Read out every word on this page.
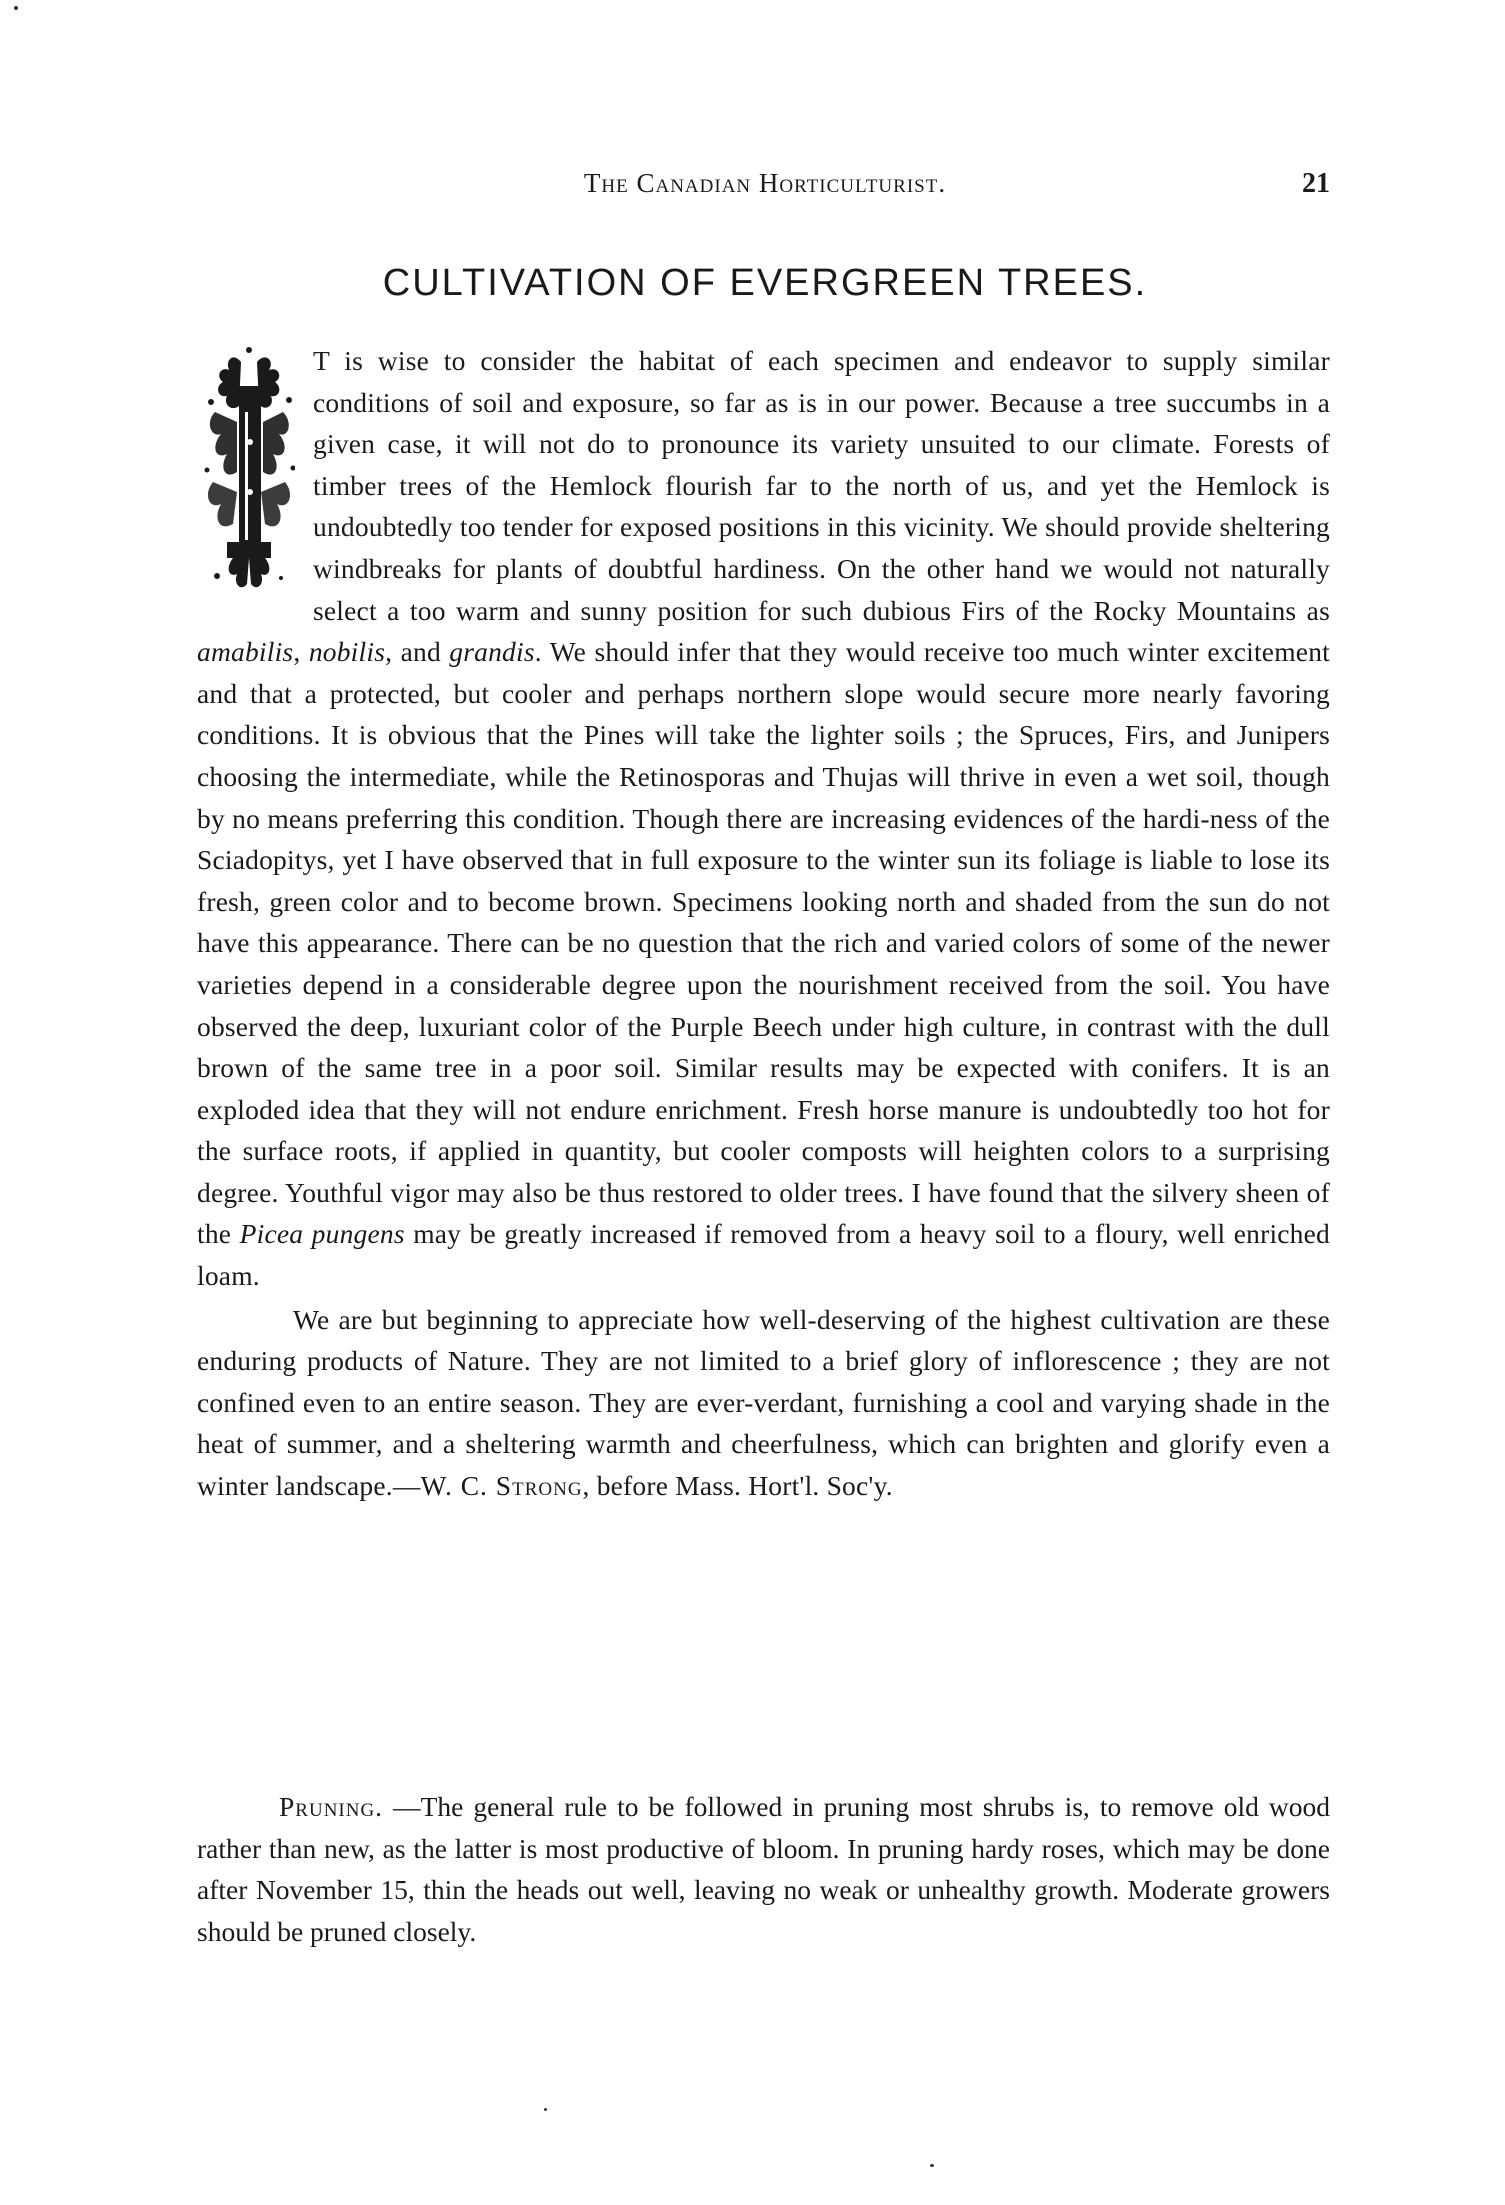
The Canadian Horticulturist.	21
CULTIVATION OF EVERGREEN TREES.

T is wise to consider the habitat of each specimen and endeavor to supply similar conditions of soil and exposure, so far as is in our power. Because a tree succumbs in a given case, it will not do to pronounce its variety unsuited to our climate. Forests of timber trees of the Hemlock flourish far to the north of us, and yet the Hemlock is undoubtedly too tender for exposed positions in this vicinity. We should provide sheltering windbreaks for plants of doubtful hardiness. On the other hand we would not naturally select a too warm and sunny position for such dubious Firs of the Rocky Mountains as amabilis, nobilis, and grandis. We should infer that they would receive too much winter excitement and that a protected, but cooler and perhaps northern slope would secure more nearly favoring conditions. It is obvious that the Pines will take the lighter soils ; the Spruces, Firs, and Junipers choosing the intermediate, while the Retinosporas and Thujas will thrive in even a wet soil, though by no means preferring this condition. Though there are increasing evidences of the hardi-ness of the Sciadopitys, yet I have observed that in full exposure to the winter sun its foliage is liable to lose its fresh, green color and to become brown. Specimens looking north and shaded from the sun do not have this appearance. There can be no question that the rich and varied colors of some of the newer varieties depend in a considerable degree upon the nourishment received from the soil. You have observed the deep, luxuriant color of the Purple Beech under high culture, in contrast with the dull brown of the same tree in a poor soil. Similar results may be expected with conifers. It is an exploded idea that they will not endure enrichment. Fresh horse manure is undoubtedly too hot for the surface roots, if applied in quantity, but cooler composts will heighten colors to a surprising degree. Youthful vigor may also be thus restored to older trees. I have found that the silvery sheen of the Picea pungens may be greatly increased if removed from a heavy soil to a floury, well enriched loam.

We are but beginning to appreciate how well-deserving of the highest cultivation are these enduring products of Nature. They are not limited to a brief glory of inflorescence ; they are not confined even to an entire season. They are ever-verdant, furnishing a cool and varying shade in the heat of summer, and a sheltering warmth and cheerfulness, which can brighten and glorify even a winter landscape.—W. C. Strong, before Mass. Hort'l. Soc'y.

Pruning. —The general rule to be followed in pruning most shrubs is, to remove old wood rather than new, as the latter is most productive of bloom. In pruning hardy roses, which may be done after November 15, thin the heads out well, leaving no weak or unhealthy growth. Moderate growers should be pruned closely.
